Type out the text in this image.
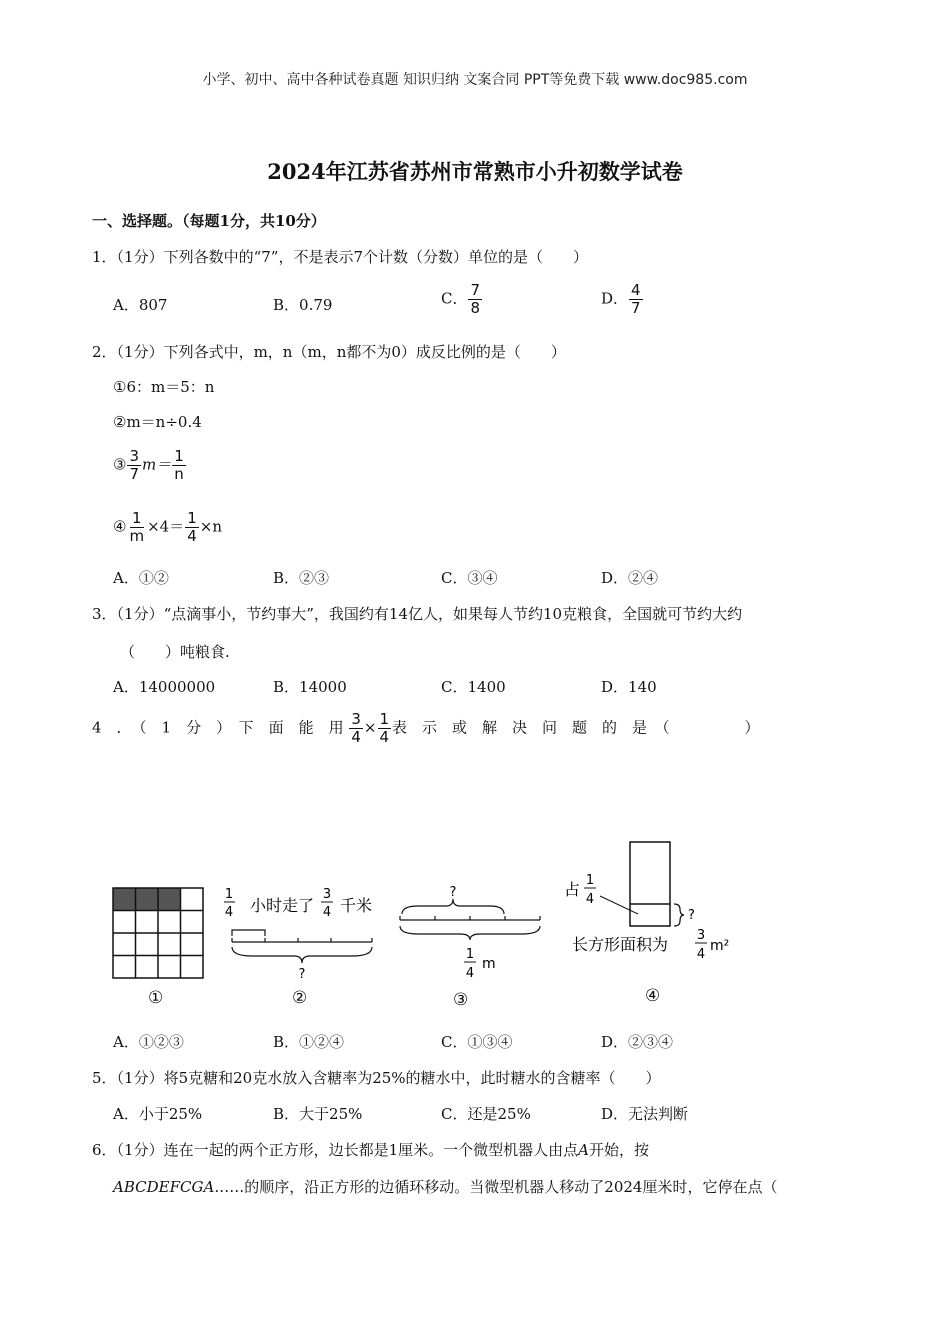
小学、初中、高中各种试卷真题 知识归纳 文案合同 PPT等免费下载 www.doc985.com
2024年江苏省苏州市常熟市小升初数学试卷
一、选择题。（每题1分，共10分）
1．（1分）下列各数中的“7”，不是表示7个计数（分数）单位的是（　　）
A．807	B．0.79	C． $\frac{7}{8}$	D． $\frac{4}{7}$
2．（1分）下列各式中，m，n（m，n都不为0）成反比例的是（　　）
①6：m＝5：n
②m＝n÷0.4
③ $\frac{3}{7} m= \frac{1}{n}$
④ $\frac{1}{m} \times 4= \frac{1}{4} \times n$
A．①②	B．②③	C．③④	D．②④
3．（1分）“点滴事小，节约事大”，我国约有14亿人，如果每人节约10克粮食，全国就可节约大约
（　　）吨粮食.
A．14000000	B．14000	C．1400	D．140
4　．　（　1　分　）　下　面　能　用 $\frac{3}{4} \times \frac{1}{4}$ 表　示　或　解　决　问　题　的　是　（　　　　　）
①
1
4 小时走了
3
4 千米
?
②
?
1
4
m
③
占 1
4
?
长方形面积为 3
4
m²
④
A．①②③	B．①②④	C．①③④	D．②③④
5．（1分）将5克糖和20克水放入含糖率为25%的糖水中，此时糖水的含糖率（　　）
A．小于25%	B．大于25%	C．还是25%	D．无法判断
6．（1分）连在一起的两个正方形，边长都是1厘米。一个微型机器人由点A开始，按
ABCDEFCGA……的顺序，沿正方形的边循环移动。当微型机器人移动了2024厘米时，它停在点（
